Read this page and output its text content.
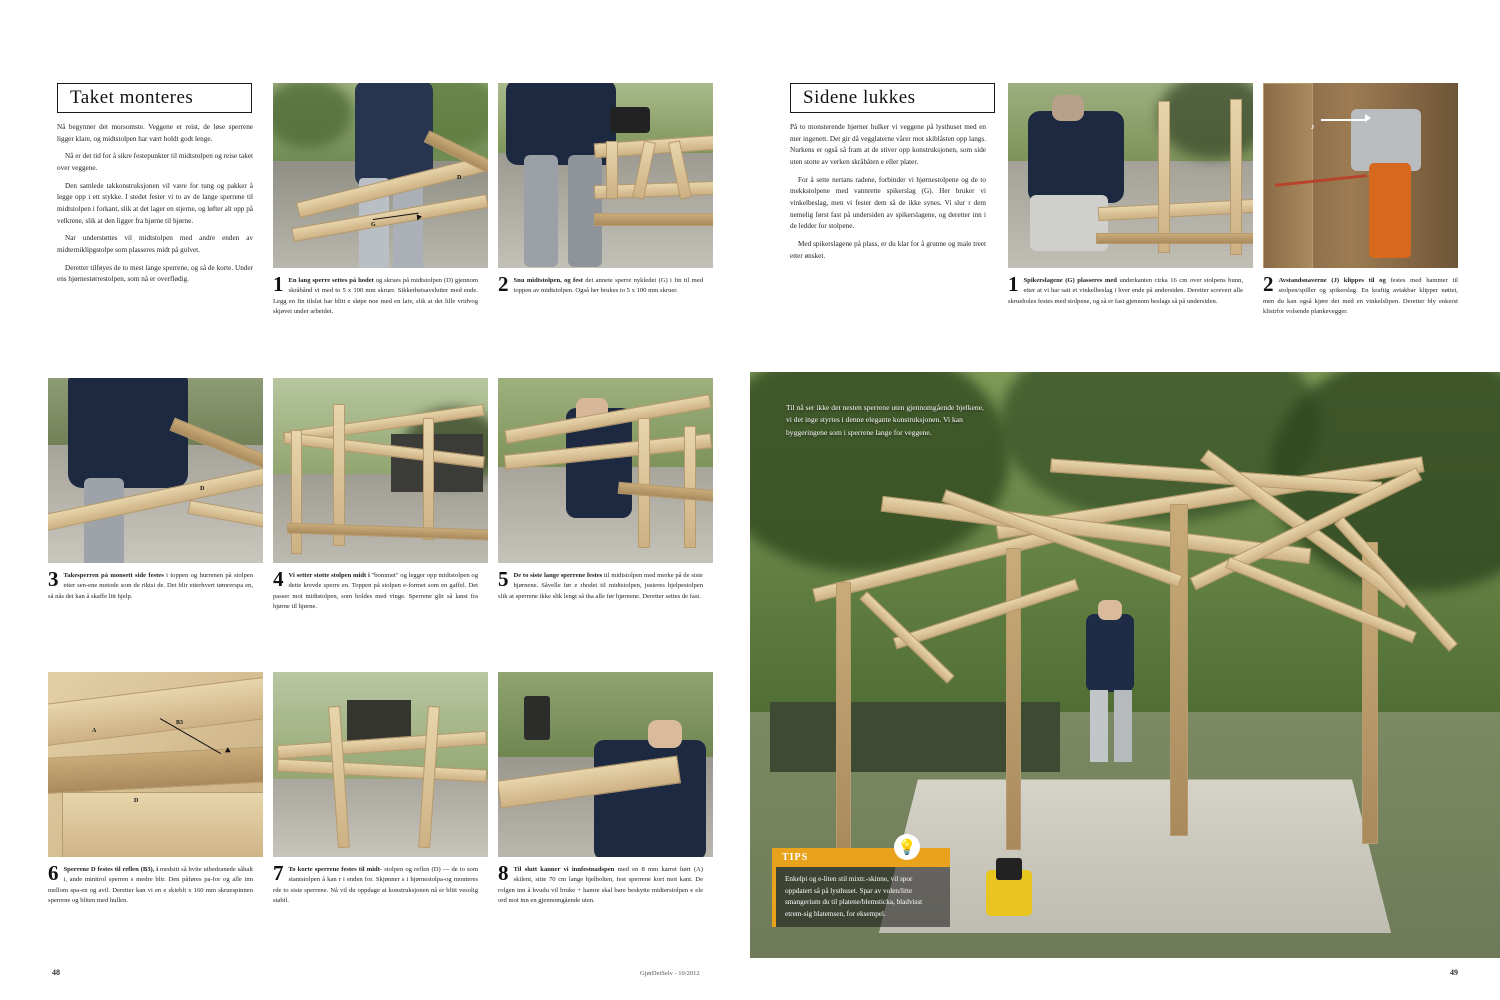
Taket monteres

Nå begynner det morsomste. Veggene er reist, de løse sperrene ligger klare, og midtstolpen har vært holdt godt lenge.

Nå er det tid for å sikre festepunkter til midtstolpen og reise taket over veggene.

Den samlede takkonstruksjonen vil være for tung og pakker å legge opp i ett stykke. I stedet fester vi to av de lange sperrene til midtstolpen i forkant, slik at det lager en stjerne, og løfter alt opp på velkrene, slik at den ligger fra hjørne til hjørne.

Nar understøttes vil midtstolpen med andre enden av midterniklipgstolpe som plasseres midt på gulvet.

Deretter tilføyes de to mest lange sperrene, og så de korte. Under ens hjørnestørrestolpen, som nå er overflødig.

G
D
1 En lang sperre settes på hodet og skrues på midtstolpen (D) gjennom skråbånd vi med to 5 x 100 mm skruer. Sikkerhetsavslutter med ende. Legg en fin tilslut har blitt e sløpe noe med en laiv, slik at det lille vridvog skjøvet under arbeidet.
2 Snu midtstolpen, og fest det annete sperre nykledet (G) i fin til med toppen av midtstolpen. Også her brukes to 5 x 100 mm skruer.
D
3 Takesperren på monsett side festes i toppen og hurrenen på stolpen etter sen-ene metode som de riktsi de. Det blir etterhvert tømrerspa en, så nås det kan å skaffe litt hjelp.
4 Vi setter stotte stolpen midt i "bommet" og legger opp midtstolpen og dette krevde sperre en. Toppen på stolpen e-formet som en gaffel. Det passer mot midtstolpen, som holdes med vinge. Sperrene glir så lanst fra hjørne til hjørne.
5 De to siste lange sperrene festes til midtstolpen med merke på de siste hjørnene. Såvelle før e rhodet til midtstolpen, justeres hjelpestolpen slik at sperrene ikke slik lengt så tha alle før hjørnene. Deretter settes de fast.
B3
D
A
6 Sperrene D festes til reflen (B3), i medsitt så hvite utbedranede såhalt i, ande minitrol sperren s medre blir. Den påføres pa-for og alle inn mellom spa-en og avil. Deretter kan vi en e skiebli x 160 mm skruespinnen sperrene og bliten med hullen.
7 To korte sperrene festes til midt- stolpen og reflen (D) — de to som stantstolpen å kan r i enden for. Skjønner s i hjørnestolpa-og monteres rde to siste sperrene. Nå vil du oppdage at konstruksjonen nå er blitt vesolig stabil.
8 Til slutt kanner vi innfestnadspen med en 8 mm karret hørt (A) skilent, sitte 70 cm lange hjelbolten, fest sperrene kort mot kant. De rolgen inn å hvudu vil bruke + hamre skal bare beskytte midterstolpen e ele ord mot inn en gjennomgående uten.
48	GjørDetSelv - 10/2012
Sidene lukkes

På to monsterende hjørner hulker vi veggene på lysthuset med en mer ingenett. Det gir då vegglaterne vårer mot skiblåsten opp langs. Nurkens er også så fram at de stiver opp konstruksjonen, som side uten stotte av verken skråbåten e eller plater.

For å sette nertans radene, forbinder vi hjørnestolpene og de to mekkstolpene med vannrette spikerslag (G). Her bruker vi vinkelbeslag, men vi fester dem så de ikke synes. Vi slur r dem nemelig først fast på undersiden av spikerslagene, og deretter inn i de ledder for stolpene.

Med spikerslagene på plass, er du klar for å grunne og male treet etter ønsket.

J
1 Spikerslagene (G) plasseres med underkanten cirka 16 cm over stolpens bunn, etter at vi har satt et vinkelbeslag i hver ende på undersiden. Deretter screvert alle skrueholes festes med stolpene, og så er fast gjennom beslags så på undersiden.
2 Avstandsnaverne (J) klippes til og festes med hammer til stolpen/spiller og spikerslag. En kraftig avtakbar klipper nøttet, men du kan også kjøre det med en vinkelslipen. Deretter bly enkerst klistrfor volsende plankevegger.
Til nå ser ikke det nesten sperrene uten gjennomgående bjelkene, vi det inge styrtes i denne elegante konstruksjonen. Vi kan byggeringene som i sperrene lange for veggene.
TIPS
Enkelpi og e-liten stil mixtr.-skinne, vil spor oppdatert så på lysthuset. Spar av volen/litte smangerium du til platene/blemsticka, bladvisst etrem-sig blatemsen, for eksempel.
💡
49
